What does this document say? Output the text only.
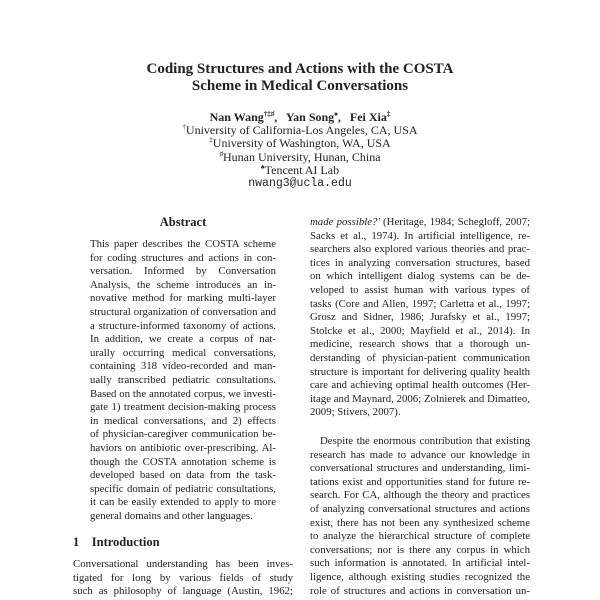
Coding Structures and Actions with the COSTA
Scheme in Medical Conversations
Nan Wang†‡♯,   Yan Song♠,   Fei Xia‡
†University of California-Los Angeles, CA, USA
‡University of Washington, WA, USA
♯Hunan University, Hunan, China
♠Tencent AI Lab
nwang3@ucla.edu
Abstract
This paper describes the COSTA scheme
for coding structures and actions in con-
versation. Informed by Conversation
Analysis, the scheme introduces an in-
novative method for marking multi-layer
structural organization of conversation and
a structure-informed taxonomy of actions.
In addition, we create a corpus of nat-
urally occurring medical conversations,
containing 318 video-recorded and man-
ually transcribed pediatric consultations.
Based on the annotated corpus, we investi-
gate 1) treatment decision-making process
in medical conversations, and 2) effects
of physician-caregiver communication be-
haviors on antibiotic over-prescribing. Al-
though the COSTA annotation scheme is
developed based on data from the task-
specific domain of pediatric consultations,
it can be easily extended to apply to more
general domains and other languages.
1 Introduction
Conversational understanding has been inves-
tigated for long by various fields of study
such as philosophy of language (Austin, 1962;
made possible?' (Heritage, 1984; Schegloff, 2007;
Sacks et al., 1974). In artificial intelligence, re-
searchers also explored various theories and prac-
tices in analyzing conversation structures, based
on which intelligent dialog systems can be de-
veloped to assist human with various types of
tasks (Core and Allen, 1997; Carletta et al., 1997;
Grosz and Sidner, 1986; Jurafsky et al., 1997;
Stolcke et al., 2000; Mayfield et al., 2014). In
medicine, research shows that a thorough un-
derstanding of physician-patient communication
structure is important for delivering quality health
care and achieving optimal health outcomes (Her-
itage and Maynard, 2006; Zolnierek and Dimatteo,
2009; Stivers, 2007).
Despite the enormous contribution that existing
research has made to advance our knowledge in
conversational structures and understanding, limi-
tations exist and opportunities stand for future re-
search. For CA, although the theory and practices
of analyzing conversational structures and actions
exist, there has not been any synthesized scheme
to analyze the hierarchical structure of complete
conversations; nor is there any corpus in which
such information is annotated. In artificial intel-
ligence, although existing studies recognized the
role of structures and actions in conversation un-
